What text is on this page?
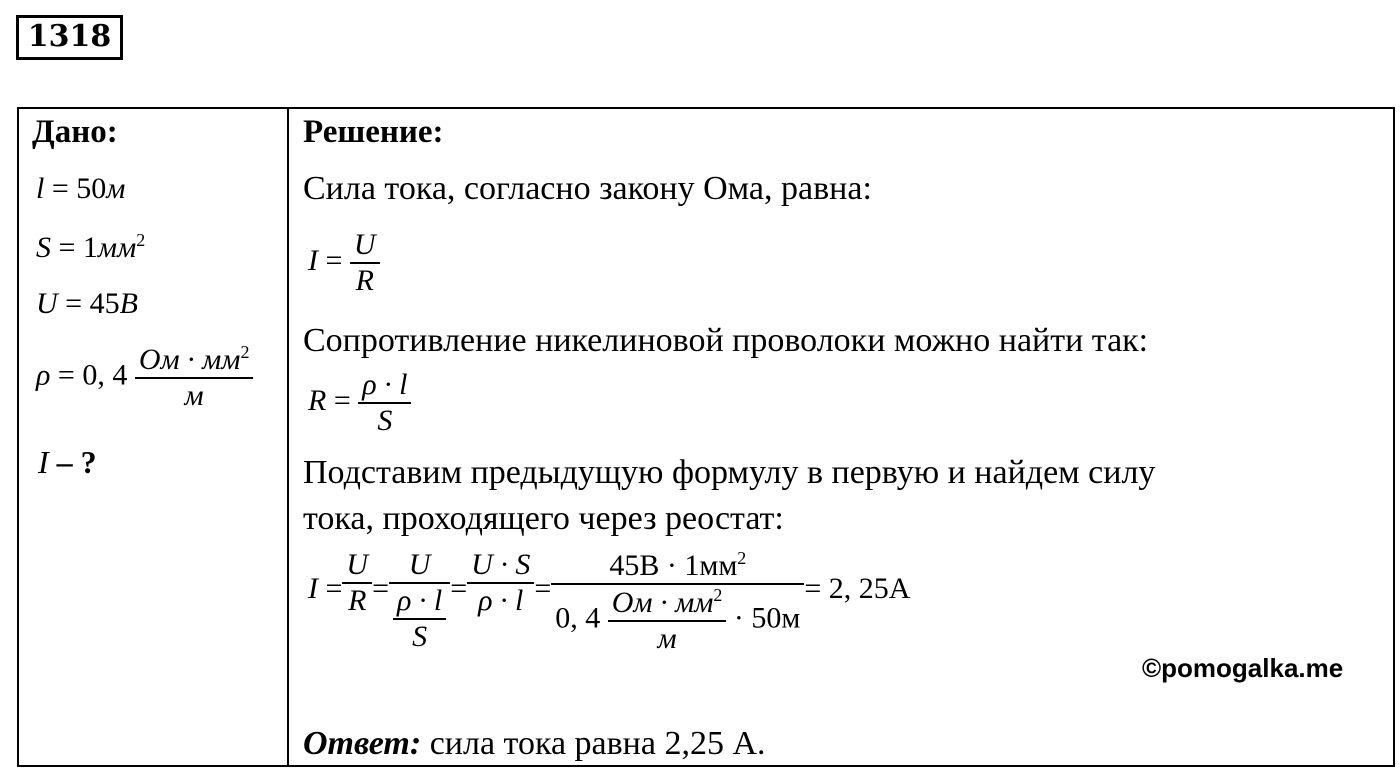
1318
Дано:
l = 50м
$S = 1мм^2$
U = 45B
ρ = 0, $4 \frac{Ом \cdot мм^2}{м}$
I – ?
Решение:
Сила тока, согласно закону Ома, равна:
$I = \frac{U}{R}$
Сопротивление никелиновой проволоки можно найти так:
$R = \frac{\rho \cdot l}{S}$
Подставим предыдущую формулу в первую и найдем силу
тока, проходящего через реостат:
$I = \frac{U}{R} = \frac{U}{\frac{\rho \cdot l}{S}} = \frac{U \cdot S}{\rho \cdot l} = \frac{45B \cdot 1мм^2}{0, 4 \frac{Ом \cdot мм^2}{м} \cdot 50м} = 2$, 25A
©pomogalka.me
Ответ: сила тока равна 2,25 А.
